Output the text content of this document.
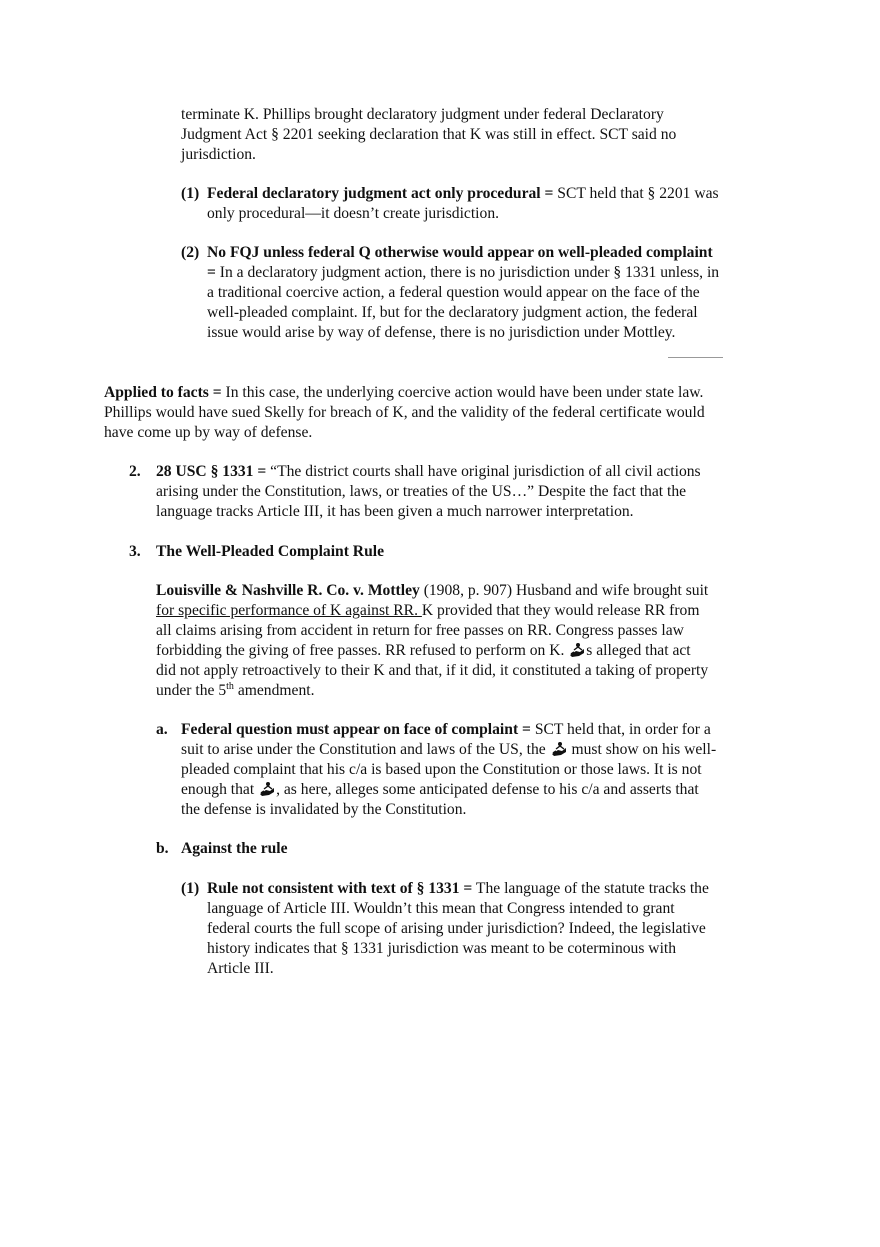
terminate K. Phillips brought declaratory judgment under federal Declaratory
Judgment Act § 2201 seeking declaration that K was still in effect. SCT said no
jurisdiction.
(1) Federal declaratory judgment act only procedural = SCT held that § 2201 was
only procedural—it doesn’t create jurisdiction.
(2) No FQJ unless federal Q otherwise would appear on well-pleaded complaint
= In a declaratory judgment action, there is no jurisdiction under § 1331 unless, in
a traditional coercive action, a federal question would appear on the face of the
well-pleaded complaint. If, but for the declaratory judgment action, the federal
issue would arise by way of defense, there is no jurisdiction under Mottley.
Applied to facts = In this case, the underlying coercive action would have been under state law.
Phillips would have sued Skelly for breach of K, and the validity of the federal certificate would
have come up by way of defense.
2. 28 USC § 1331 = “The district courts shall have original jurisdiction of all civil actions
arising under the Constitution, laws, or treaties of the US…” Despite the fact that the
language tracks Article III, it has been given a much narrower interpretation.
3. The Well-Pleaded Complaint Rule
Louisville & Nashville R. Co. v. Mottley (1908, p. 907) Husband and wife brought suit
for specific performance of K against RR. K provided that they would release RR from
all claims arising from accident in return for free passes on RR. Congress passes law
forbidding the giving of free passes. RR refused to perform on K. s alleged that act
did not apply retroactively to their K and that, if it did, it constituted a taking of property
under the 5th amendment.
a. Federal question must appear on face of complaint = SCT held that, in order for a
suit to arise under the Constitution and laws of the US, the  must show on his well-
pleaded complaint that his c/a is based upon the Constitution or those laws. It is not
enough that , as here, alleges some anticipated defense to his c/a and asserts that
the defense is invalidated by the Constitution.
b. Against the rule
(1) Rule not consistent with text of § 1331 = The language of the statute tracks the
language of Article III. Wouldn’t this mean that Congress intended to grant
federal courts the full scope of arising under jurisdiction? Indeed, the legislative
history indicates that § 1331 jurisdiction was meant to be coterminous with
Article III.
